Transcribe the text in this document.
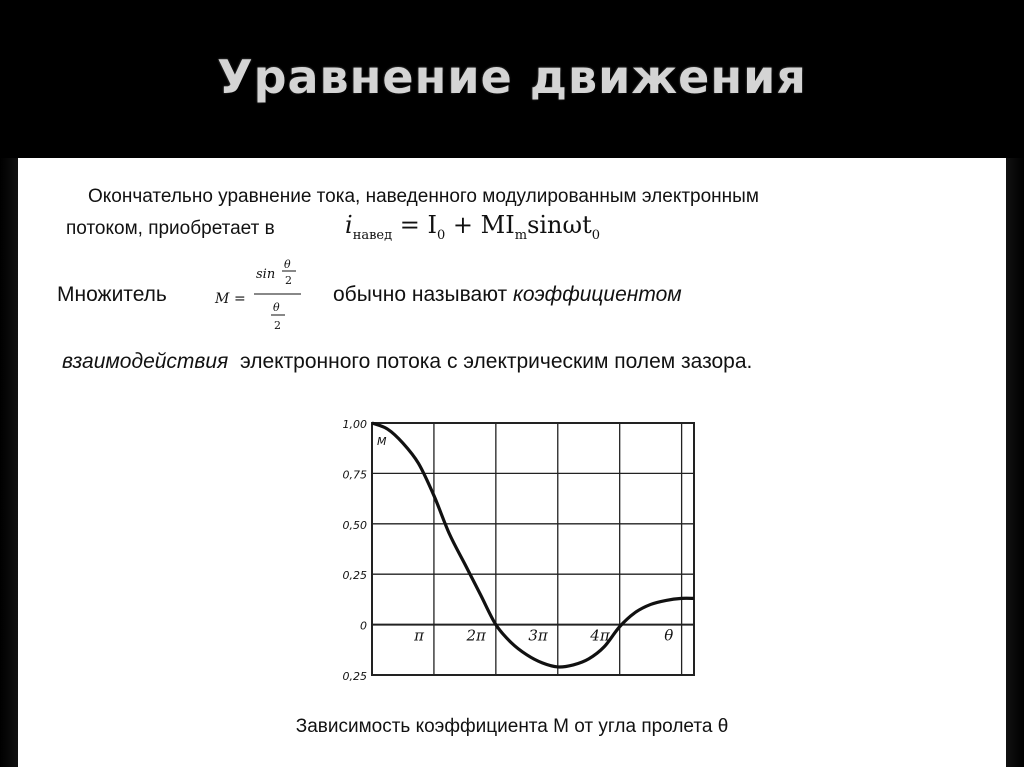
Уравнение движения
Окончательно уравнение тока, наведенного модулированным электронным
потоком, приобретает в	$i_{навед} = I_0 + MI_m\sin\omega t_0$
Множитель	M =
sin
θ
2
θ
2
обычно называют коэффициентом
взаимодействия электронного потока с электрическим полем зазора.
1,00
0,75
0,50
0,25
0
0,25
π	2π	3π	4π
M
θ
Зависимость коэффициента M от угла пролета θ
